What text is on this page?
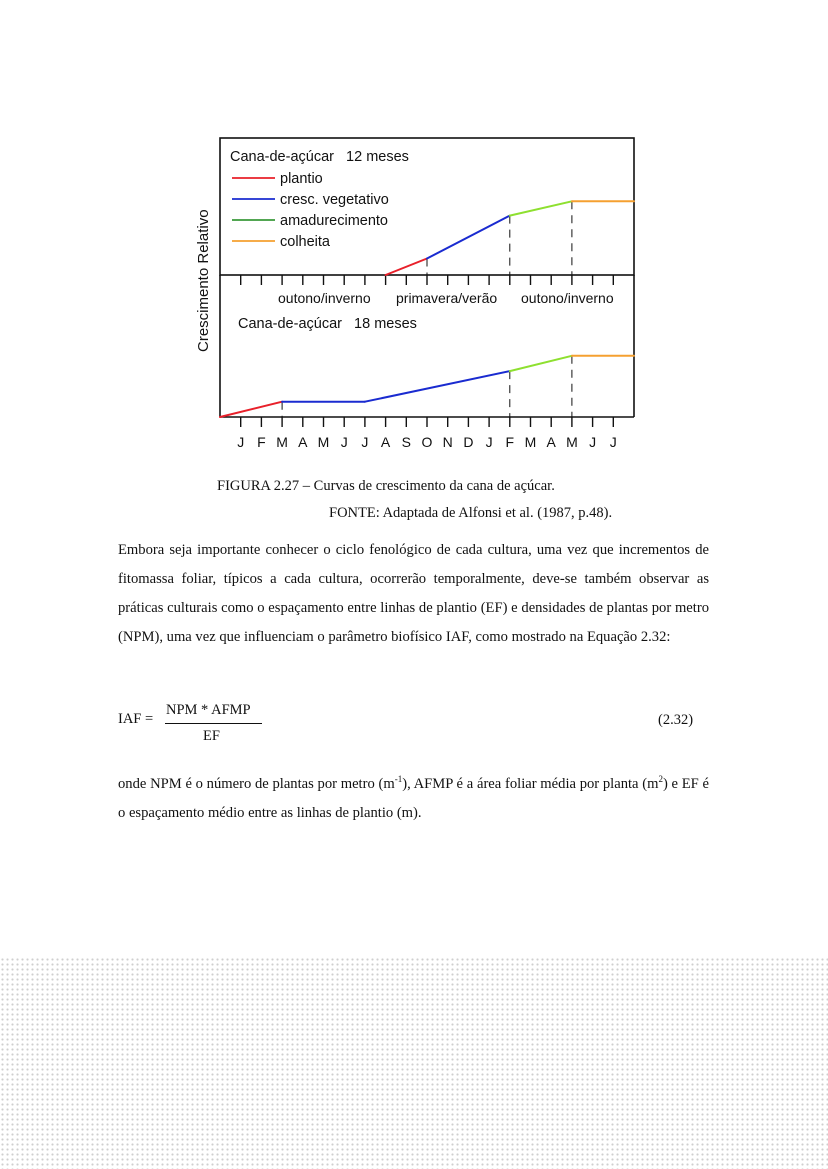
plantio
cresc. vegetativo
amadurecimento
colheita
Cana-de-açúcar   12 meses
Cana-de-açúcar   18 meses
Crescimento Relativo	outono/inverno primavera/verão outono/inverno
J F M A M J J A S O N D J F M A M J J
FIGURA 2.27 – Curvas de crescimento da cana de açúcar.
FONTE: Adaptada de Alfonsi et al. (1987, p.48).
Embora seja importante conhecer o ciclo fenológico de cada cultura, uma vez que incrementos de fitomassa foliar, típicos a cada cultura, ocorrerão temporalmente, deve-se também observar as práticas culturais como o espaçamento entre linhas de plantio (EF) e densidades de plantas por metro (NPM), uma vez que influenciam o parâmetro biofísico IAF, como mostrado na Equação 2.32:
IAF =
NPM * AFMP
EF
(2.32)
onde NPM é o número de plantas por metro $(m^{-1})$, AFMP é a área foliar média por planta $(m^2)$ e EF é o espaçamento médio entre as linhas de plantio (m).
